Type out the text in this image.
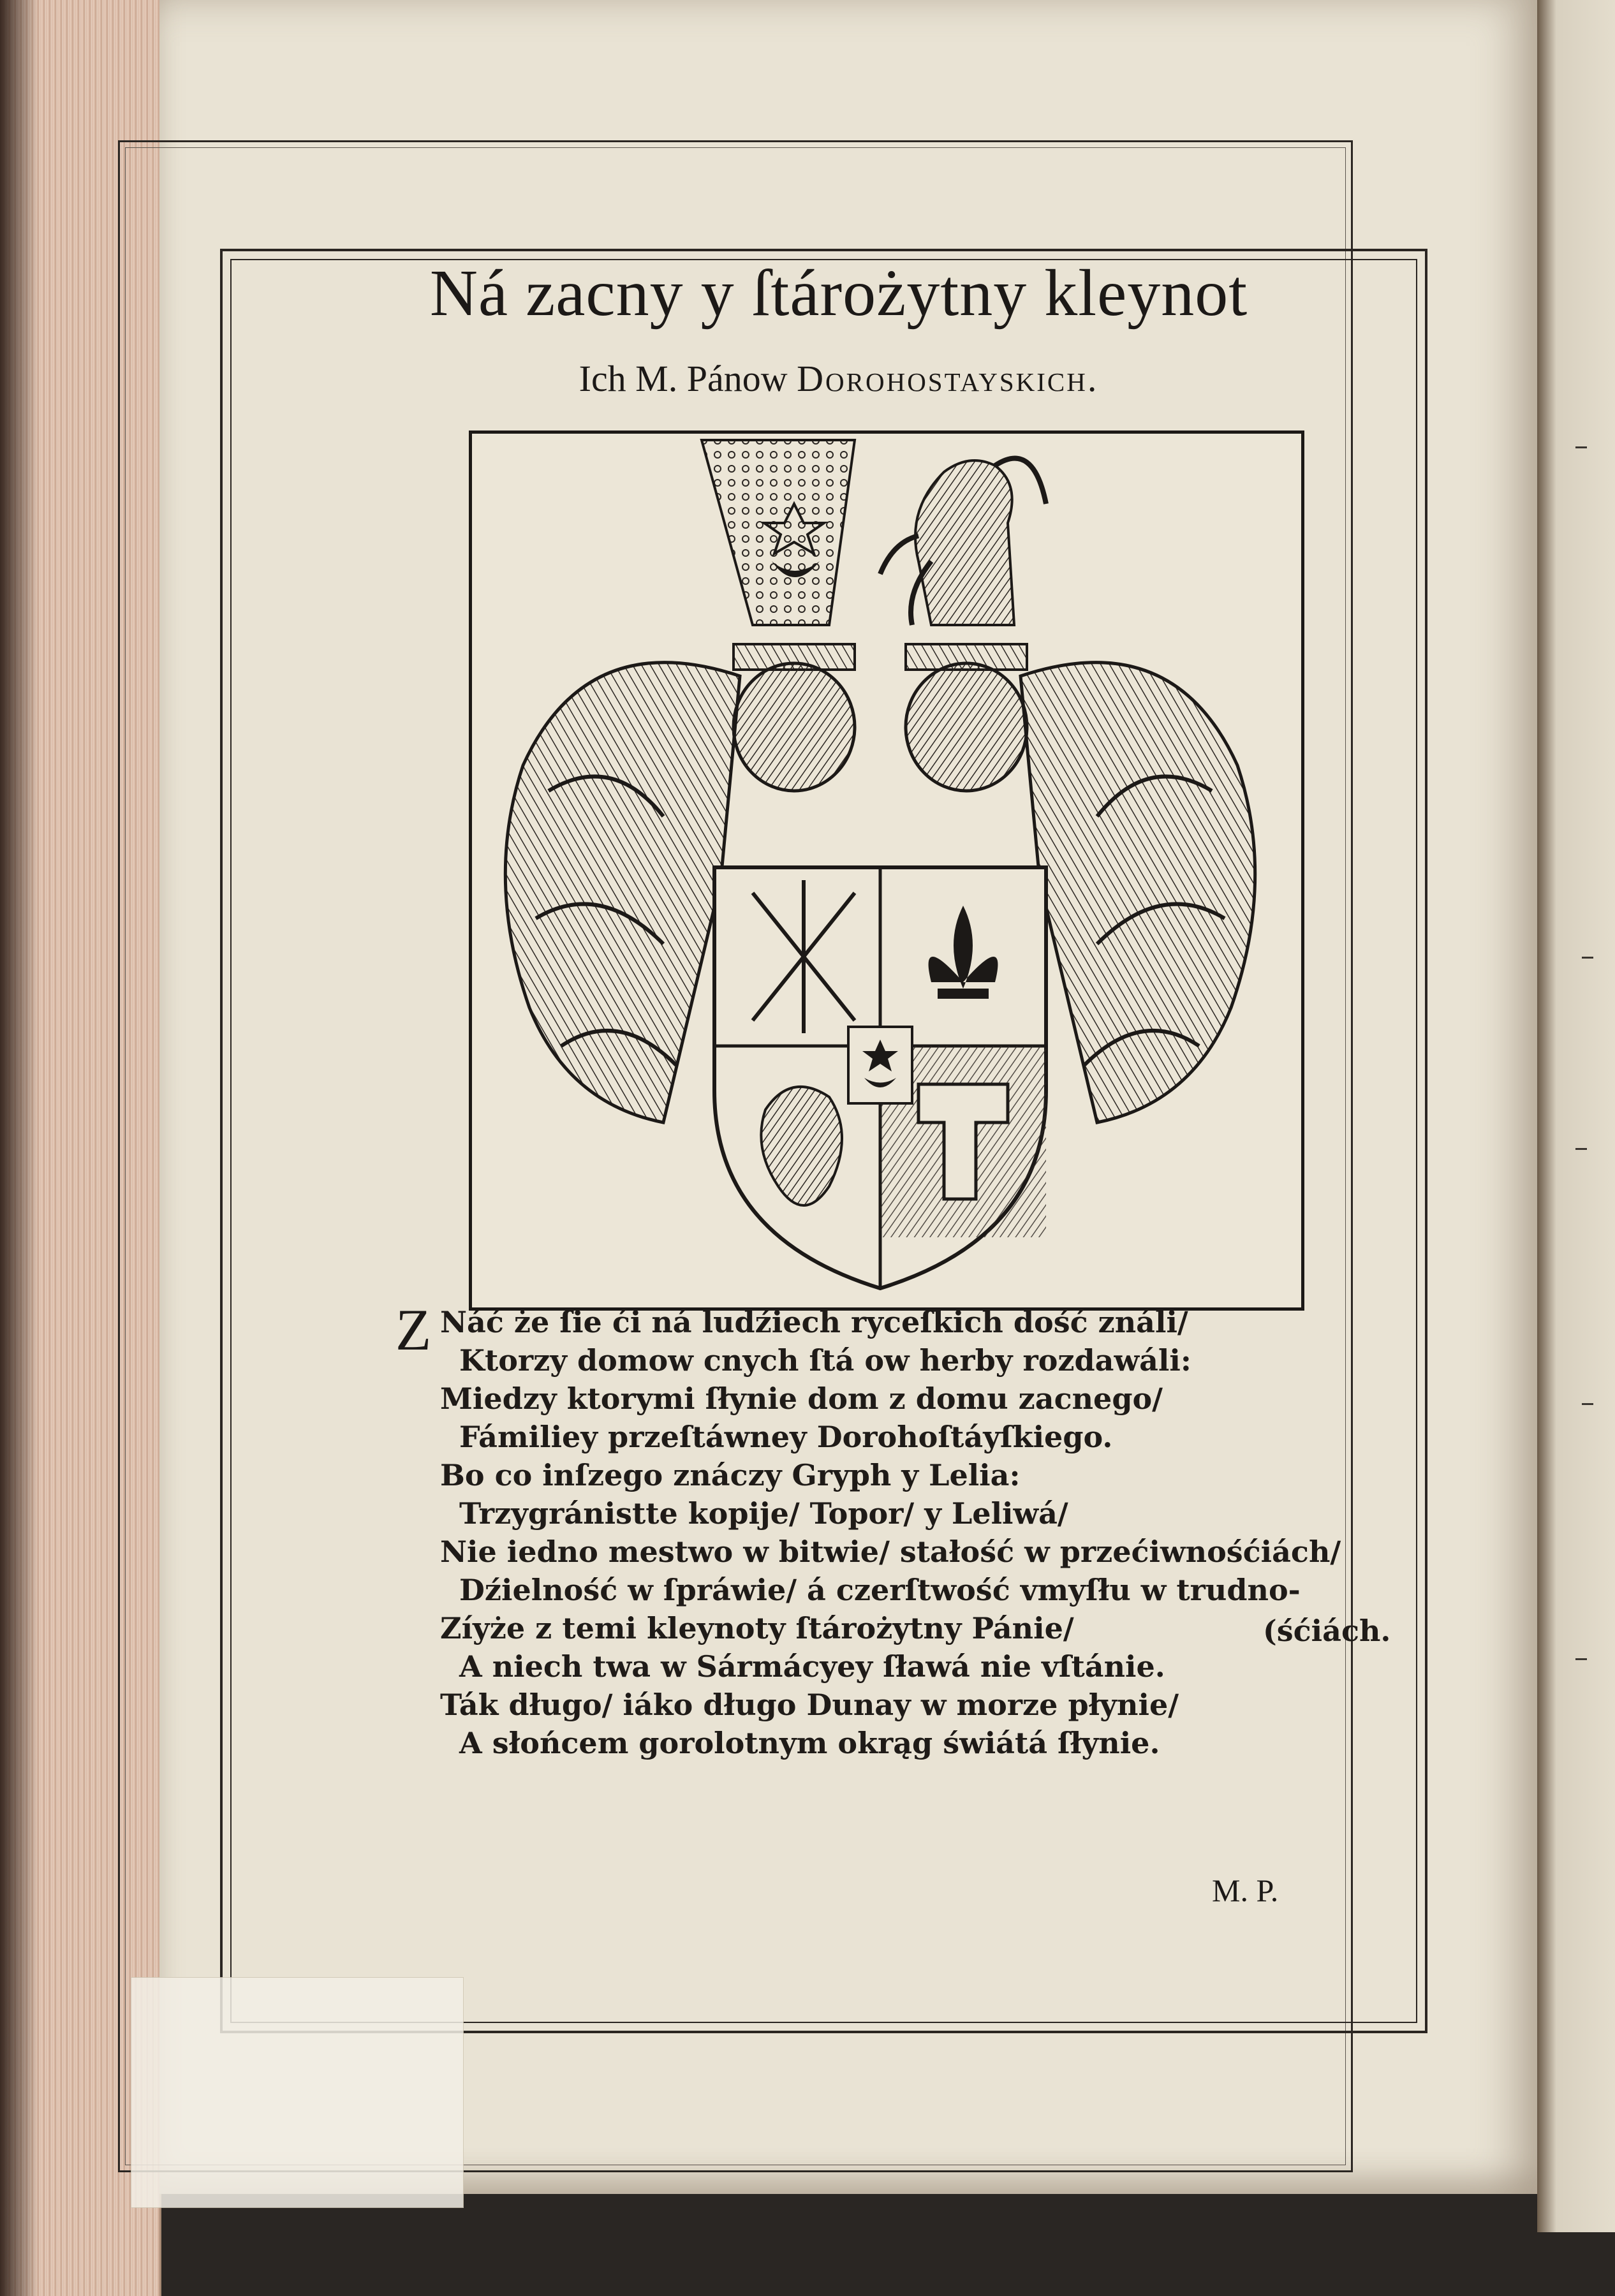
Ná zacny y ſtárożytny kleynot
Ich M. Pánow Dorohostayskich.
Z Náć że ſie ći ná ludźiech ryceſkich dość ználi/
Ktorzy domow cnych ſtá ow herby rozdawáli:
Miedzy ktorymi ſłynie dom z domu zacnego/
Fámiliey przeſtáwney Dorohoſtáyſkiego.
Bo co inſzego znáczy Gryph y Lelia:
Trzygránistte kopije/ Topor/ y Leliwá/
Nie iedno mestwo w bitwie/ stałość w przećiwnośćiách/
Dźielność w ſpráwie/ á czerſtwość vmyſłu w trudno-
Zíyże z temi kleynoty ſtárożytny Pánie/
A niech twa w Sármácyey ſławá nie vſtánie.
Ták długo/ iáko długo Dunay w morze płynie/
A słońcem gorolotnym okrąg świátá ſłynie.
(śćiách.
M. P.
